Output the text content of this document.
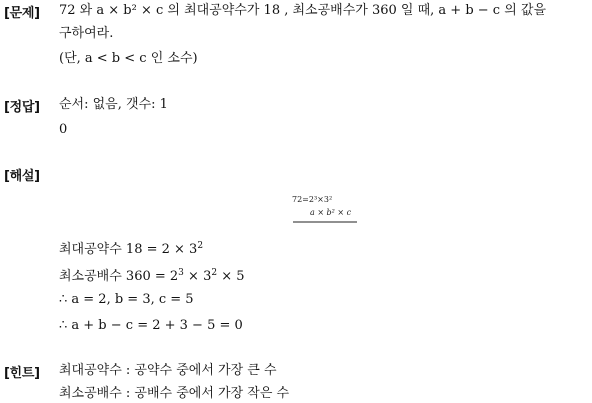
[문제] 72 와 a × b² × c 의 최대공약수가 18 , 최소공배수가 360 일 때, a + b − c 의 값을
구하여라.
(단, a < b < c 인 소수)
[정답] 순서: 없음, 갯수: 1
0
[해설]
72=2³×3²
a × b² × c
최대공약수 $18 = 2 \times 3^2$
최소공배수 $360 = 2^3 \times 3^2 \times 5$
∴ a = 2, b = 3, c = 5
∴ a + b − c = 2 + 3 − 5 = 0
[힌트] 최대공약수 : 공약수 중에서 가장 큰 수
최소공배수 : 공배수 중에서 가장 작은 수
